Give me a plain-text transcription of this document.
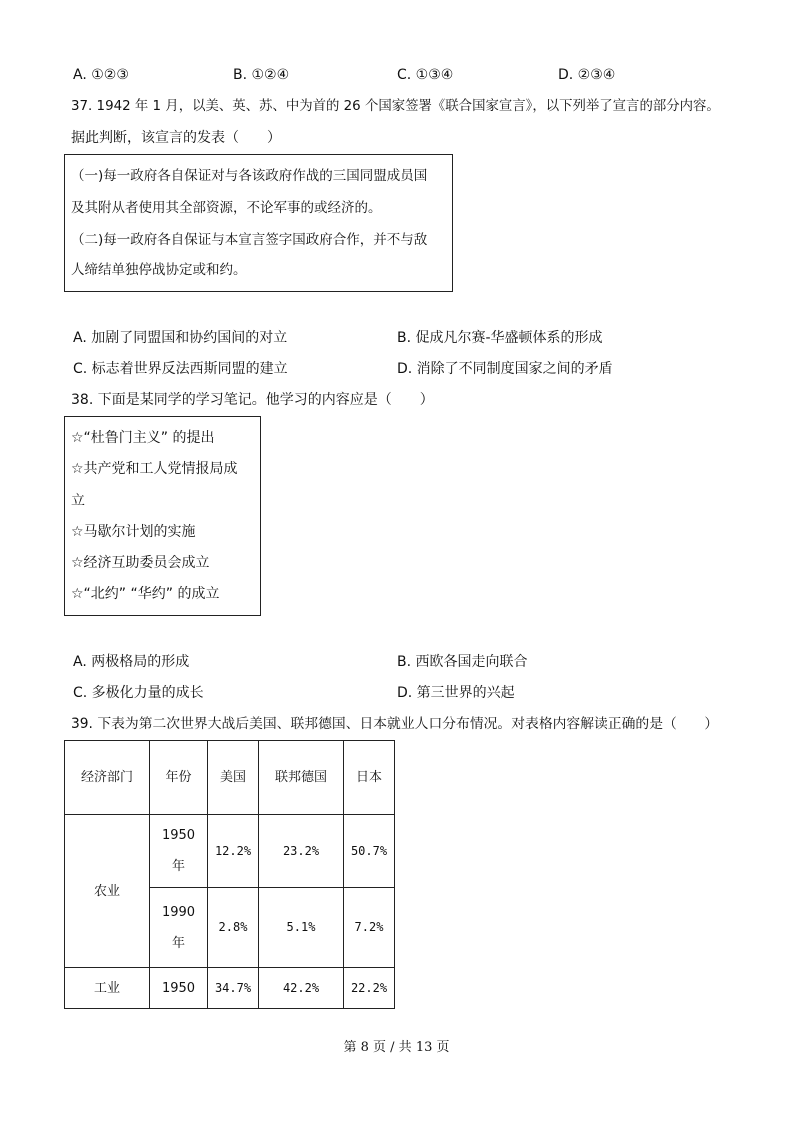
A. ①②③	B. ①②④	C. ①③④	D. ②③④
37. 1942 年 1 月，以美、英、苏、中为首的 26 个国家签署《联合国家宣言》，以下列举了宣言的部分内容。
据此判断，该宣言的发表（　　）
（一)每一政府各自保证对与各该政府作战的三国同盟成员国
及其附从者使用其全部资源，不论军事的或经济的。
（二)每一政府各自保证与本宣言签字国政府合作，并不与敌
人缔结单独停战协定或和约。
A. 加剧了同盟国和协约国间的对立	B. 促成凡尔赛-华盛顿体系的形成
C. 标志着世界反法西斯同盟的建立	D. 消除了不同制度国家之间的矛盾
38. 下面是某同学的学习笔记。他学习的内容应是（　　）
☆“杜鲁门主义” 的提出
☆共产党和工人党情报局成
立
☆马歇尔计划的实施
☆经济互助委员会成立
☆“北约” “华约” 的成立
A. 两极格局的形成	B. 西欧各国走向联合
C. 多极化力量的成长	D. 第三世界的兴起
39. 下表为第二次世界大战后美国、联邦德国、日本就业人口分布情况。对表格内容解读正确的是（　　）
经济部门	年份	美国	联邦德国	日本
农业	1950年	12.2%	23.2%	50.7%
	1990年	2.8%	5.1%	7.2%
工业	1950	34.7%	42.2%	22.2%
第 8 页 / 共 13 页
